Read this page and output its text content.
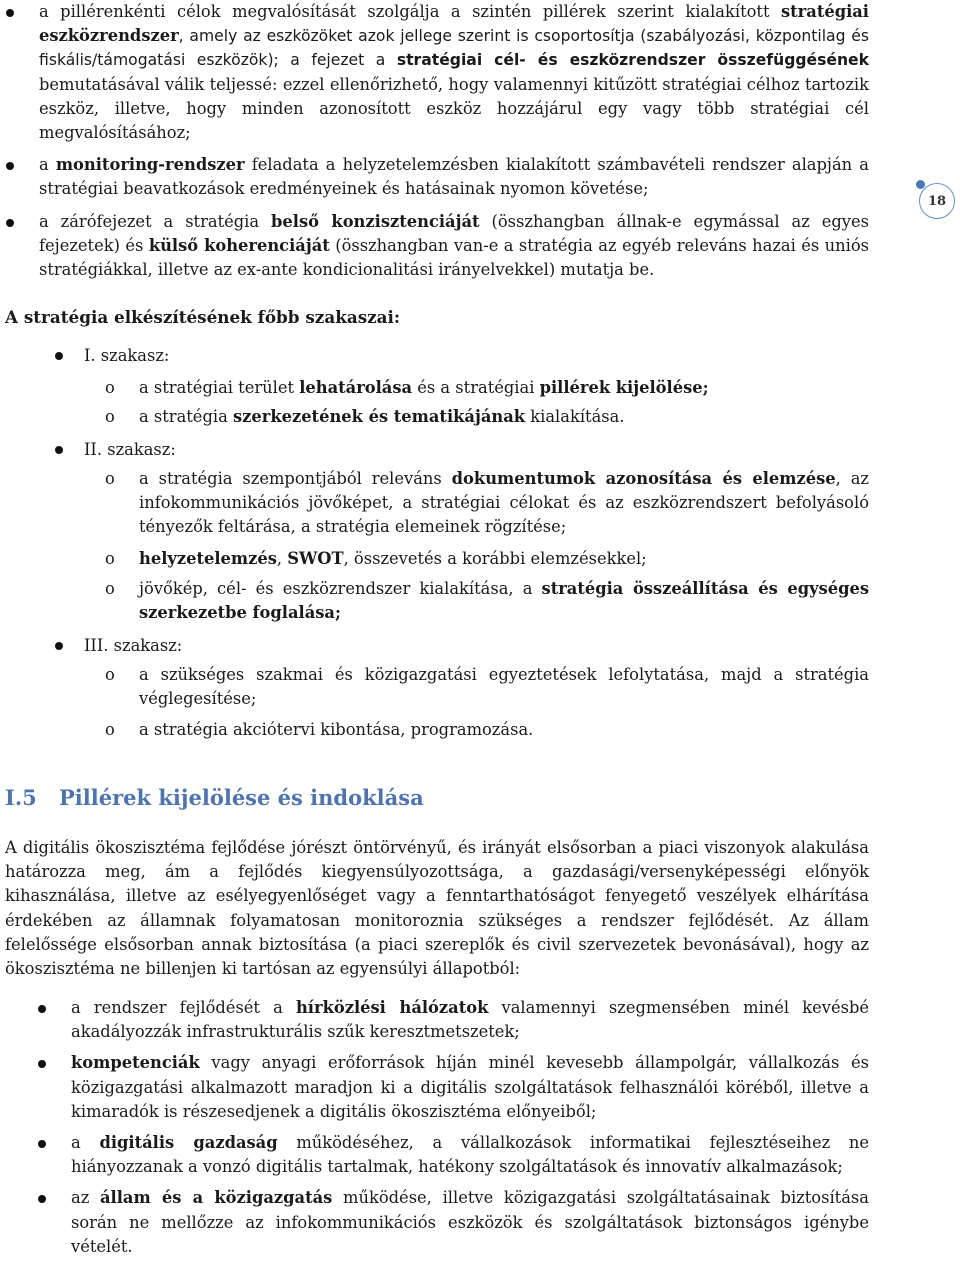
a pillérenkénti célok megvalósítását szolgálja a szintén pillérek szerint kialakított stratégiai eszközrendszer, amely az eszközöket azok jellege szerint is csoportosítja (szabályozási, központilag és fiskális/támogatási eszközök); a fejezet a stratégiai cél- és eszközrendszer összefüggésének bemutatásával válik teljessé: ezzel ellenőrizhető, hogy valamennyi kitűzött stratégiai célhoz tartozik eszköz, illetve, hogy minden azonosított eszköz hozzájárul egy vagy több stratégiai cél megvalósításához;
a monitoring-rendszer feladata a helyzetelemzésben kialakított számbavételi rendszer alapján a stratégiai beavatkozások eredményeinek és hatásainak nyomon követése;
a zárófejezet a stratégia belső konzisztenciáját (összhangban állnak-e egymással az egyes fejezetek) és külső koherenciáját (összhangban van-e a stratégia az egyéb releváns hazai és uniós stratégiákkal, illetve az ex-ante kondicionalitási irányelvekkel) mutatja be.
18
A stratégia elkészítésének főbb szakaszai:
I. szakasz:
o	a stratégiai terület lehatárolása és a stratégiai pillérek kijelölése;
o	a stratégia szerkezetének és tematikájának kialakítása.
II. szakasz:
o	a stratégia szempontjából releváns dokumentumok azonosítása és elemzése, az infokommunikációs jövőképet, a stratégiai célokat és az eszközrendszert befolyásoló tényezők feltárása, a stratégia elemeinek rögzítése;
o	helyzetelemzés, SWOT, összevetés a korábbi elemzésekkel;
o	jövőkép, cél- és eszközrendszer kialakítása, a stratégia összeállítása és egységes szerkezetbe foglalása;
III. szakasz:
o	a szükséges szakmai és közigazgatási egyeztetések lefolytatása, majd a stratégia véglegesítése;
o	a stratégia akciótervi kibontása, programozása.
I.5 Pillérek kijelölése és indoklása

A digitális ökoszisztéma fejlődése jórészt öntörvényű, és irányát elsősorban a piaci viszonyok alakulása határozza meg, ám a fejlődés kiegyensúlyozottsága, a gazdasági/versenyképességi előnyök kihasználása, illetve az esélyegyenlőséget vagy a fenntarthatóságot fenyegető veszélyek elhárítása érdekében az államnak folyamatosan monitoroznia szükséges a rendszer fejlődését. Az állam felelőssége elsősorban annak biztosítása (a piaci szereplők és civil szervezetek bevonásával), hogy az ökoszisztéma ne billenjen ki tartósan az egyensúlyi állapotból:

a rendszer fejlődését a hírközlési hálózatok valamennyi szegmensében minél kevésbé akadályozzák infrastrukturális szűk keresztmetszetek;
kompetenciák vagy anyagi erőforrások híján minél kevesebb állampolgár, vállalkozás és közigazgatási alkalmazott maradjon ki a digitális szolgáltatások felhasználói köréből, illetve a kimaradók is részesedjenek a digitális ökoszisztéma előnyeiből;
a digitális gazdaság működéséhez, a vállalkozások informatikai fejlesztéseihez ne hiányozzanak a vonzó digitális tartalmak, hatékony szolgáltatások és innovatív alkalmazások;
az állam és a közigazgatás működése, illetve közigazgatási szolgáltatásainak biztosítása során ne mellőzze az infokommunikációs eszközök és szolgáltatások biztonságos igénybe vételét.
